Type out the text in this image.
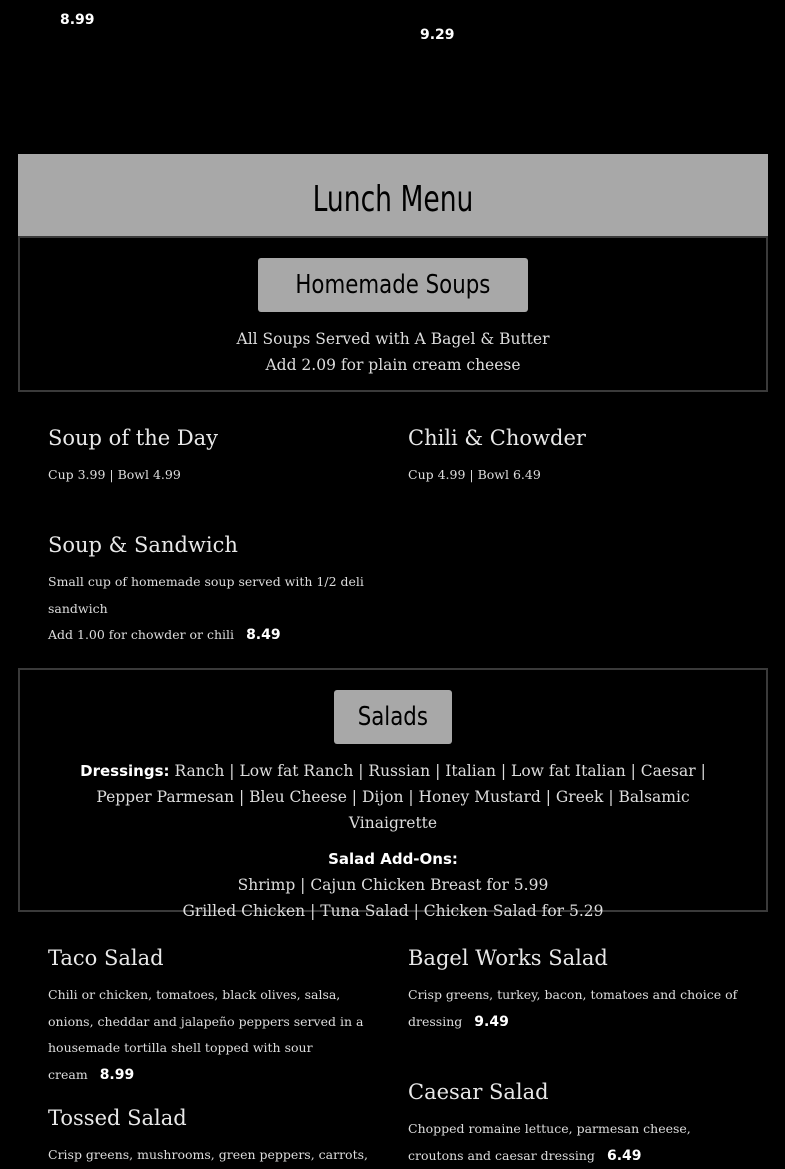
8.99
9.29
Lunch Menu
Homemade Soups
All Soups Served with A Bagel & Butter
Add 2.09 for plain cream cheese
Soup of the Day
Cup 3.99 | Bowl 4.99
Chili & Chowder
Cup 4.99 | Bowl 6.49
Soup & Sandwich
Small cup of homemade soup served with 1/2 deli sandwich
Add 1.00 for chowder or chili 8.49
Salads
Dressings: Ranch | Low fat Ranch | Russian | Italian | Low fat Italian | Caesar | Pepper Parmesan | Bleu Cheese | Dijon | Honey Mustard | Greek | Balsamic Vinaigrette
Salad Add-Ons:
Shrimp | Cajun Chicken Breast for 5.99
Grilled Chicken | Tuna Salad | Chicken Salad for 5.29
Taco Salad
Chili or chicken, tomatoes, black olives, salsa, onions, cheddar and jalapeño peppers served in a housemade tortilla shell topped with sour cream 8.99
Bagel Works Salad
Crisp greens, turkey, bacon, tomatoes and choice of dressing 9.49
Caesar Salad
Chopped romaine lettuce, parmesan cheese, croutons and caesar dressing 6.49
Tossed Salad
Crisp greens, mushrooms, green peppers, carrots,
